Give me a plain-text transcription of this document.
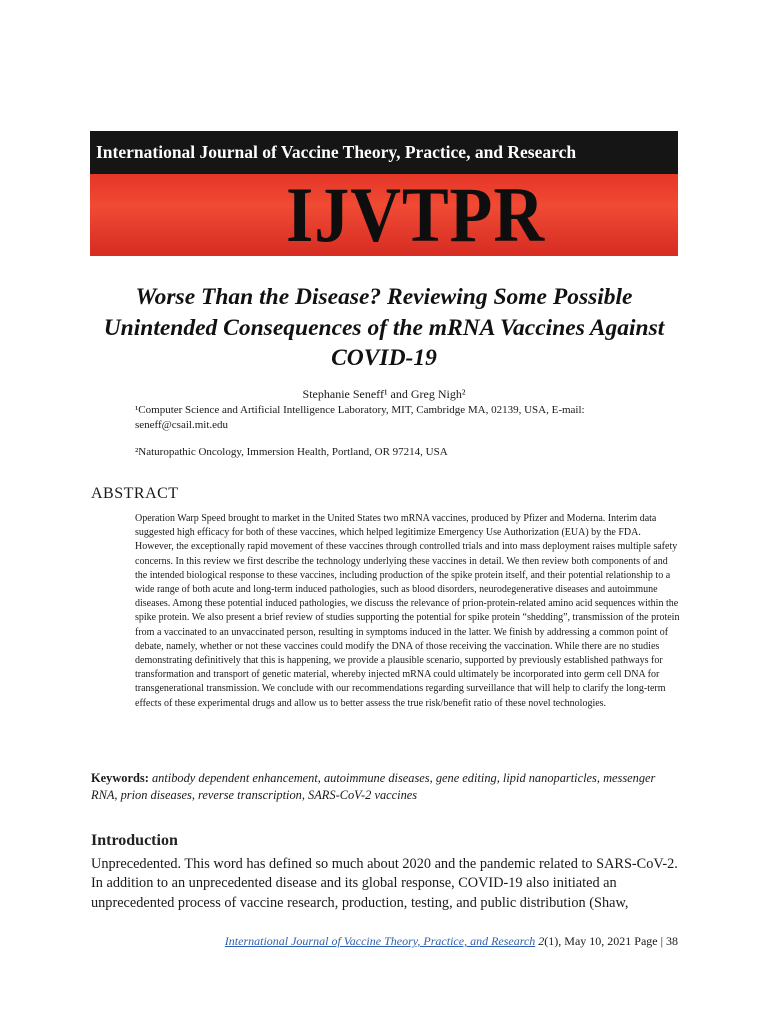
International Journal of Vaccine Theory, Practice, and Research
IJVTPR
Worse Than the Disease? Reviewing Some Possible Unintended Consequences of the mRNA Vaccines Against COVID-19
Stephanie Seneff¹ and Greg Nigh²
¹Computer Science and Artificial Intelligence Laboratory, MIT, Cambridge MA, 02139, USA, E-mail: seneff@csail.mit.edu
²Naturopathic Oncology, Immersion Health, Portland, OR 97214, USA
ABSTRACT
Operation Warp Speed brought to market in the United States two mRNA vaccines, produced by Pfizer and Moderna. Interim data suggested high efficacy for both of these vaccines, which helped legitimize Emergency Use Authorization (EUA) by the FDA. However, the exceptionally rapid movement of these vaccines through controlled trials and into mass deployment raises multiple safety concerns. In this review we first describe the technology underlying these vaccines in detail. We then review both components of and the intended biological response to these vaccines, including production of the spike protein itself, and their potential relationship to a wide range of both acute and long-term induced pathologies, such as blood disorders, neurodegenerative diseases and autoimmune diseases. Among these potential induced pathologies, we discuss the relevance of prion-protein-related amino acid sequences within the spike protein. We also present a brief review of studies supporting the potential for spike protein “shedding”, transmission of the protein from a vaccinated to an unvaccinated person, resulting in symptoms induced in the latter. We finish by addressing a common point of debate, namely, whether or not these vaccines could modify the DNA of those receiving the vaccination. While there are no studies demonstrating definitively that this is happening, we provide a plausible scenario, supported by previously established pathways for transformation and transport of genetic material, whereby injected mRNA could ultimately be incorporated into germ cell DNA for transgenerational transmission. We conclude with our recommendations regarding surveillance that will help to clarify the long-term effects of these experimental drugs and allow us to better assess the true risk/benefit ratio of these novel technologies.
Keywords: antibody dependent enhancement, autoimmune diseases, gene editing, lipid nanoparticles, messenger RNA, prion diseases, reverse transcription, SARS-CoV-2 vaccines
Introduction
Unprecedented. This word has defined so much about 2020 and the pandemic related to SARS-CoV-2. In addition to an unprecedented disease and its global response, COVID-19 also initiated an unprecedented process of vaccine research, production, testing, and public distribution (Shaw,
International Journal of Vaccine Theory, Practice, and Research 2(1), May 10, 2021 Page | 38
